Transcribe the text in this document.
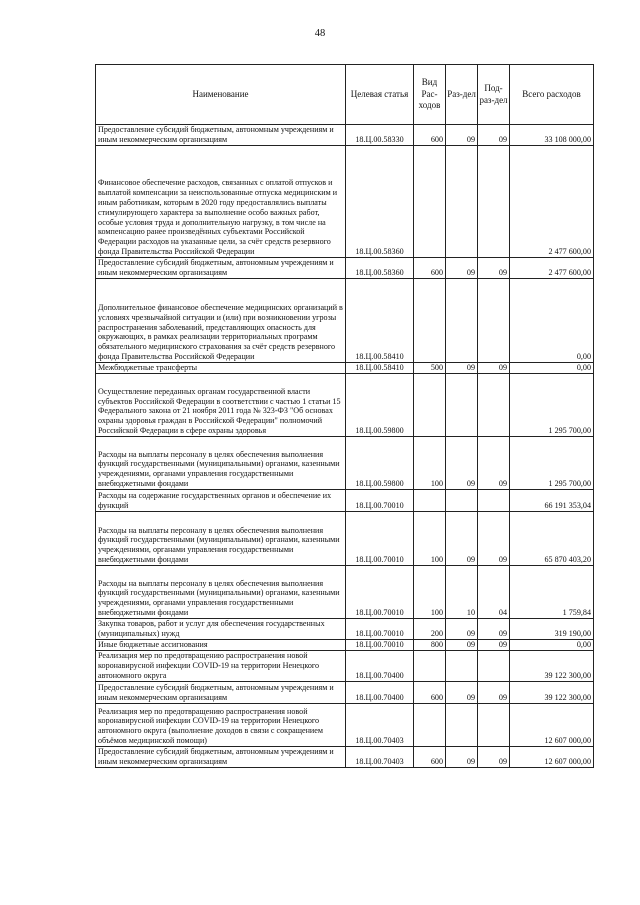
48
Наименование	Целевая статья	Вид Рас-ходов	Раз-дел	Под-раз-дел	Всего расходов
Предоставление субсидий бюджетным, автономным учреждениям и иным некоммерческим организациям	18.Ц.00.58330	600	09	09	33 108 000,00
Финансовое обеспечение расходов, связанных с оплатой отпусков и выплатой компенсации за неиспользованные отпуска медицинским и иным работникам, которым в 2020 году предоставлялись выплаты стимулирующего характера за выполнение особо важных работ, особые условия труда и дополнительную нагрузку, в том числе на компенсацию ранее произведённых субъектами Российской Федерации расходов на указанные цели, за счёт средств резервного фонда Правительства Российской Федерации	18.Ц.00.58360				2 477 600,00
Предоставление субсидий бюджетным, автономным учреждениям и иным некоммерческим организациям	18.Ц.00.58360	600	09	09	2 477 600,00
Дополнительное финансовое обеспечение медицинских организаций в условиях чрезвычайной ситуации и (или) при возникновении угрозы распространения заболеваний, представляющих опасность для окружающих, в рамках реализации территориальных программ обязательного медицинского страхования за счёт средств резервного фонда Правительства Российской Федерации	18.Ц.00.58410				0,00
Межбюджетные трансферты	18.Ц.00.58410	500	09	09	0,00
Осуществление переданных органам государственной власти субъектов Российской Федерации в соответствии с частью 1 статьи 15 Федерального закона от 21 ноября 2011 года № 323-ФЗ "Об основах охраны здоровья граждан в Российской Федерации" полномочий Российской Федерации в сфере охраны здоровья	18.Ц.00.59800				1 295 700,00
Расходы на выплаты персоналу в целях обеспечения выполнения функций государственными (муниципальными) органами, казенными учреждениями, органами управления государственными внебюджетными фондами	18.Ц.00.59800	100	09	09	1 295 700,00
Расходы на содержание государственных органов и обеспечение их функций	18.Ц.00.70010				66 191 353,04
Расходы на выплаты персоналу в целях обеспечения выполнения функций государственными (муниципальными) органами, казенными учреждениями, органами управления государственными внебюджетными фондами	18.Ц.00.70010	100	09	09	65 870 403,20
Расходы на выплаты персоналу в целях обеспечения выполнения функций государственными (муниципальными) органами, казенными учреждениями, органами управления государственными внебюджетными фондами	18.Ц.00.70010	100	10	04	1 759,84
Закупка товаров, работ и услуг для обеспечения государственных (муниципальных) нужд	18.Ц.00.70010	200	09	09	319 190,00
Иные бюджетные ассигнования	18.Ц.00.70010	800	09	09	0,00
Реализация мер по предотвращению распространения новой коронавирусной инфекции COVID-19 на территории Ненецкого автономного округа	18.Ц.00.70400				39 122 300,00
Предоставление субсидий бюджетным, автономным учреждениям и иным некоммерческим организациям	18.Ц.00.70400	600	09	09	39 122 300,00
Реализация мер по предотвращению распространения новой коронавирусной инфекции COVID-19 на территории Ненецкого автономного округа (выполнение доходов в связи с сокращением объёмов медицинской помощи)	18.Ц.00.70403				12 607 000,00
Предоставление субсидий бюджетным, автономным учреждениям и иным некоммерческим организациям	18.Ц.00.70403	600	09	09	12 607 000,00
